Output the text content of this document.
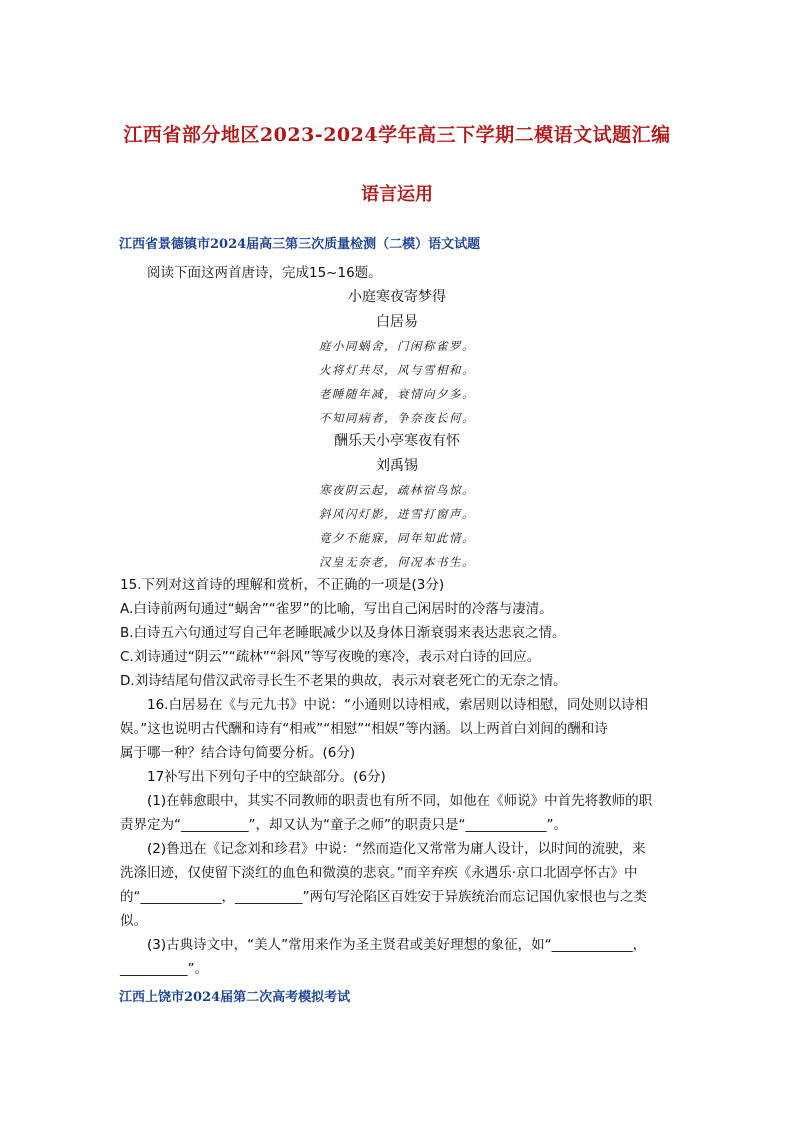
江西省部分地区2023-2024学年高三下学期二模语文试题汇编
语言运用
江西省景德镇市2024届高三第三次质量检测（二模）语文试题
阅读下面这两首唐诗，完成15~16题。
小庭寒夜寄梦得
白居易
庭小同蜗舍，门闲称雀罗。
火将灯共尽，风与雪相和。
老睡随年减，衰情向夕多。
不知同病者，争奈夜长何。
酬乐天小亭寒夜有怀
刘禹锡
寒夜阴云起，疏林宿鸟惊。
斜风闪灯影，迸雪打窗声。
竟夕不能寐，同年知此情。
汉皇无奈老，何况本书生。
15.下列对这首诗的理解和赏析，不正确的一项是(3分)
A.白诗前两句通过“蜗舍”“雀罗”的比喻，写出自己闲居时的冷落与凄清。
B.白诗五六句通过写自己年老睡眠减少以及身体日渐衰弱来表达悲哀之情。
C.刘诗通过“阴云”“疏林”“斜风”等写夜晚的寒冷，表示对白诗的回应。
D.刘诗结尾句借汉武帝寻长生不老果的典故，表示对衰老死亡的无奈之情。
16.白居易在《与元九书》中说：“小通则以诗相戒，索居则以诗相慰，同处则以诗相
娱。”这也说明古代酬和诗有“相戒”“相慰”“相娱”等内涵。以上两首白刘间的酬和诗
属于哪一种？结合诗句简要分析。(6分)
17补写出下列句子中的空缺部分。(6分)
(1)在韩愈眼中，其实不同教师的职责也有所不同，如他在《师说》中首先将教师的职
责界定为“__________”，却又认为“童子之师”的职责只是“____________”。
(2)鲁迅在《记念刘和珍君》中说：“然而造化又常常为庸人设计，以时间的流驶，来
洗涤旧迹，仅使留下淡红的血色和微漠的悲哀。”而辛弃疾《永遇乐·京口北固亭怀古》中
的“____________，__________”两句写沦陷区百姓安于异族统治而忘记国仇家恨也与之类
似。
(3)古典诗文中，“美人”常用来作为圣主贤君或美好理想的象征，如“____________，
__________”。
江西上饶市2024届第二次高考模拟考试
